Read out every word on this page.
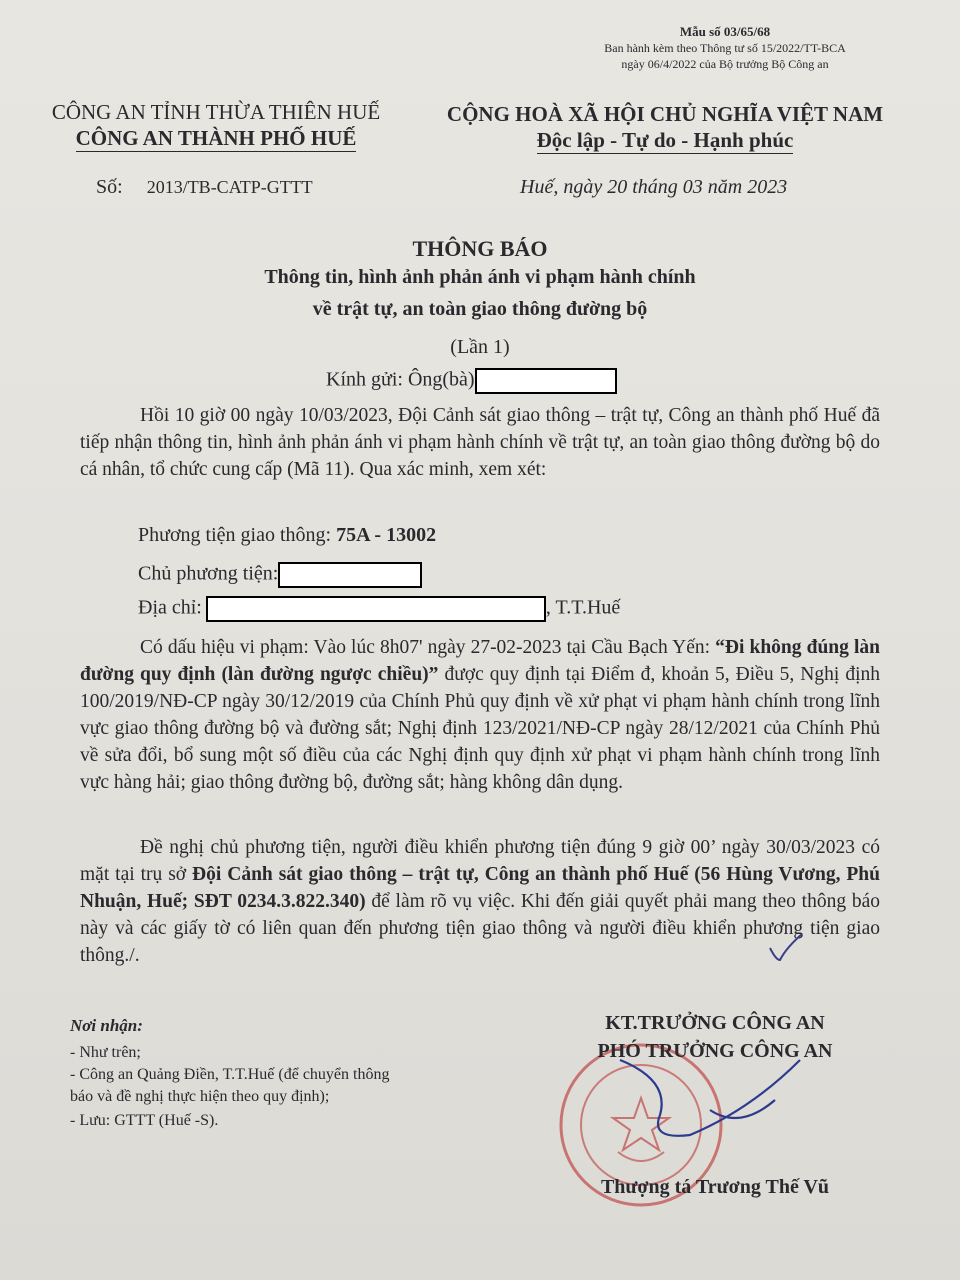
Mẫu số 03/65/68
Ban hành kèm theo Thông tư số 15/2022/TT-BCA
ngày 06/4/2022 của Bộ trưởng Bộ Công an
CÔNG AN TỈNH THỪA THIÊN HUẾ
CÔNG AN THÀNH PHỐ HUẾ
CỘNG HOÀ XÃ HỘI CHỦ NGHĨA VIỆT NAM
Độc lập - Tự do - Hạnh phúc
Số: 2013/TB-CATP-GTTT	Huế, ngày 20 tháng 03 năm 2023
THÔNG BÁO
Thông tin, hình ảnh phản ánh vi phạm hành chính
về trật tự, an toàn giao thông đường bộ
(Lần 1)
Kính gửi: Ông(bà)
Hồi 10 giờ 00 ngày 10/03/2023, Đội Cảnh sát giao thông – trật tự, Công an thành phố Huế đã tiếp nhận thông tin, hình ảnh phản ánh vi phạm hành chính về trật tự, an toàn giao thông đường bộ do cá nhân, tổ chức cung cấp (Mã 11). Qua xác minh, xem xét:
Phương tiện giao thông: 75A - 13002
Chủ phương tiện:
Địa chỉ:	, T.T.Huế
Có dấu hiệu vi phạm: Vào lúc 8h07' ngày 27-02-2023 tại Cầu Bạch Yến: “Đi không đúng làn đường quy định (làn đường ngược chiều)” được quy định tại Điểm đ, khoản 5, Điều 5, Nghị định 100/2019/NĐ-CP ngày 30/12/2019 của Chính Phủ quy định về xử phạt vi phạm hành chính trong lĩnh vực giao thông đường bộ và đường sắt; Nghị định 123/2021/NĐ-CP ngày 28/12/2021 của Chính Phủ về sửa đổi, bổ sung một số điều của các Nghị định quy định xử phạt vi phạm hành chính trong lĩnh vực hàng hải; giao thông đường bộ, đường sắt; hàng không dân dụng.
Đề nghị chủ phương tiện, người điều khiển phương tiện đúng 9 giờ 00’ ngày 30/03/2023 có mặt tại trụ sở Đội Cảnh sát giao thông – trật tự, Công an thành phố Huế (56 Hùng Vương, Phú Nhuận, Huế; SĐT 0234.3.822.340) để làm rõ vụ việc. Khi đến giải quyết phải mang theo thông báo này và các giấy tờ có liên quan đến phương tiện giao thông và người điều khiển phương tiện giao thông./.
Nơi nhận:
- Như trên;
- Công an Quảng Điền, T.T.Huế (để chuyển thông
báo và đề nghị thực hiện theo quy định);
- Lưu: GTTT (Huế -S).
KT.TRƯỞNG CÔNG AN
PHÓ TRƯỞNG CÔNG AN
Thượng tá Trương Thế Vũ
